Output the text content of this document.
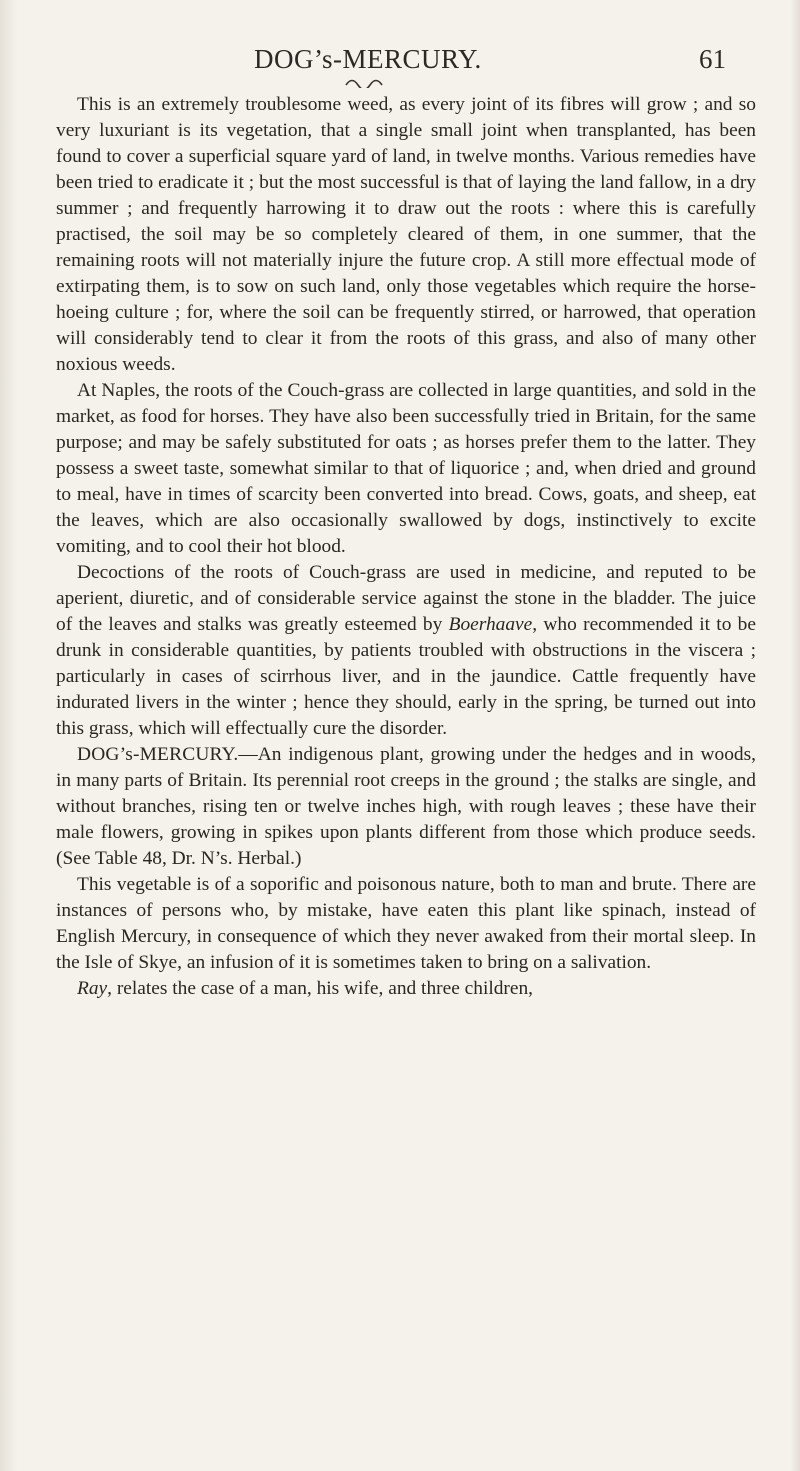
DOG’s-MERCURY.	61

This is an extremely troublesome weed, as every joint of its fibres will grow ; and so very luxuriant is its vegetation, that a single small joint when transplanted, has been found to cover a superficial square yard of land, in twelve months. Various remedies have been tried to eradicate it ; but the most successful is that of laying the land fallow, in a dry summer ; and frequently harrowing it to draw out the roots : where this is carefully practised, the soil may be so completely cleared of them, in one summer, that the remaining roots will not materially injure the future crop. A still more effectual mode of extirpating them, is to sow on such land, only those vegetables which require the horse-hoeing culture ; for, where the soil can be frequently stirred, or harrowed, that operation will considerably tend to clear it from the roots of this grass, and also of many other noxious weeds.

At Naples, the roots of the Couch-grass are collected in large quantities, and sold in the market, as food for horses. They have also been successfully tried in Britain, for the same purpose; and may be safely substituted for oats ; as horses prefer them to the latter. They possess a sweet taste, somewhat similar to that of liquorice ; and, when dried and ground to meal, have in times of scarcity been converted into bread. Cows, goats, and sheep, eat the leaves, which are also occasionally swallowed by dogs, instinctively to excite vomiting, and to cool their hot blood.

Decoctions of the roots of Couch-grass are used in medicine, and reputed to be aperient, diuretic, and of considerable service against the stone in the bladder. The juice of the leaves and stalks was greatly esteemed by Boerhaave, who recommended it to be drunk in considerable quantities, by patients troubled with obstructions in the viscera ; particularly in cases of scirrhous liver, and in the jaundice. Cattle frequently have indurated livers in the winter ; hence they should, early in the spring, be turned out into this grass, which will effectually cure the disorder.

DOG’s-MERCURY.—An indigenous plant, growing under the hedges and in woods, in many parts of Britain. Its perennial root creeps in the ground ; the stalks are single, and without branches, rising ten or twelve inches high, with rough leaves ; these have their male flowers, growing in spikes upon plants different from those which produce seeds. (See Table 48, Dr. N’s. Herbal.)

This vegetable is of a soporific and poisonous nature, both to man and brute. There are instances of persons who, by mistake, have eaten this plant like spinach, instead of English Mercury, in consequence of which they never awaked from their mortal sleep. In the Isle of Skye, an infusion of it is sometimes taken to bring on a salivation.

Ray, relates the case of a man, his wife, and three children,
